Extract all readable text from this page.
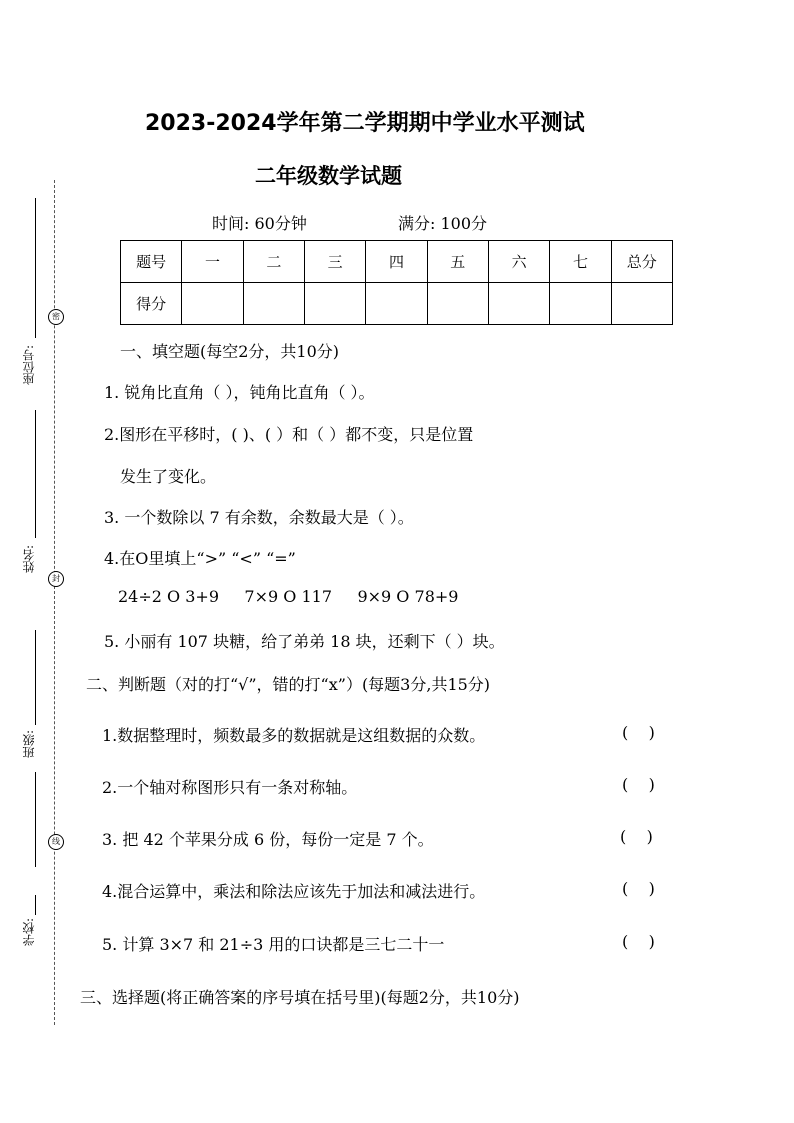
座位号:
密
姓名:
封
班级:
线
学校:
2023-2024学年第二学期期中学业水平测试
二年级数学试题
时间: 60分钟	满分: 100分
题号	一	二	三	四	五	六	七	总分
得分								
一、填空题(每空2分，共10分)
1. 锐角比直角（ ），钝角比直角（ ）。
2.图形在平移时，( )、( ）和（ ）都不变，只是位置
发生了变化。
3. 一个数除以 7 有余数，余数最大是（ ）。
4.在O里填上“>” “<” “=”
24÷2 O 3+9     7×9 O 117     9×9 O 78+9
5. 小丽有 107 块糖，给了弟弟 18 块，还剩下（ ）块。
二、判断题（对的打“√”，错的打“x”）(每题3分,共15分)
1.数据整理时，频数最多的数据就是这组数据的众数。	(    )
2.一个轴对称图形只有一条对称轴。	(    )
3. 把 42 个苹果分成 6 份，每份一定是 7 个。	(    )
4.混合运算中，乘法和除法应该先于加法和减法进行。	(    )
5. 计算 3×7 和 21÷3 用的口诀都是三七二十一	(    )
三、选择题(将正确答案的序号填在括号里)(每题2分，共10分)
